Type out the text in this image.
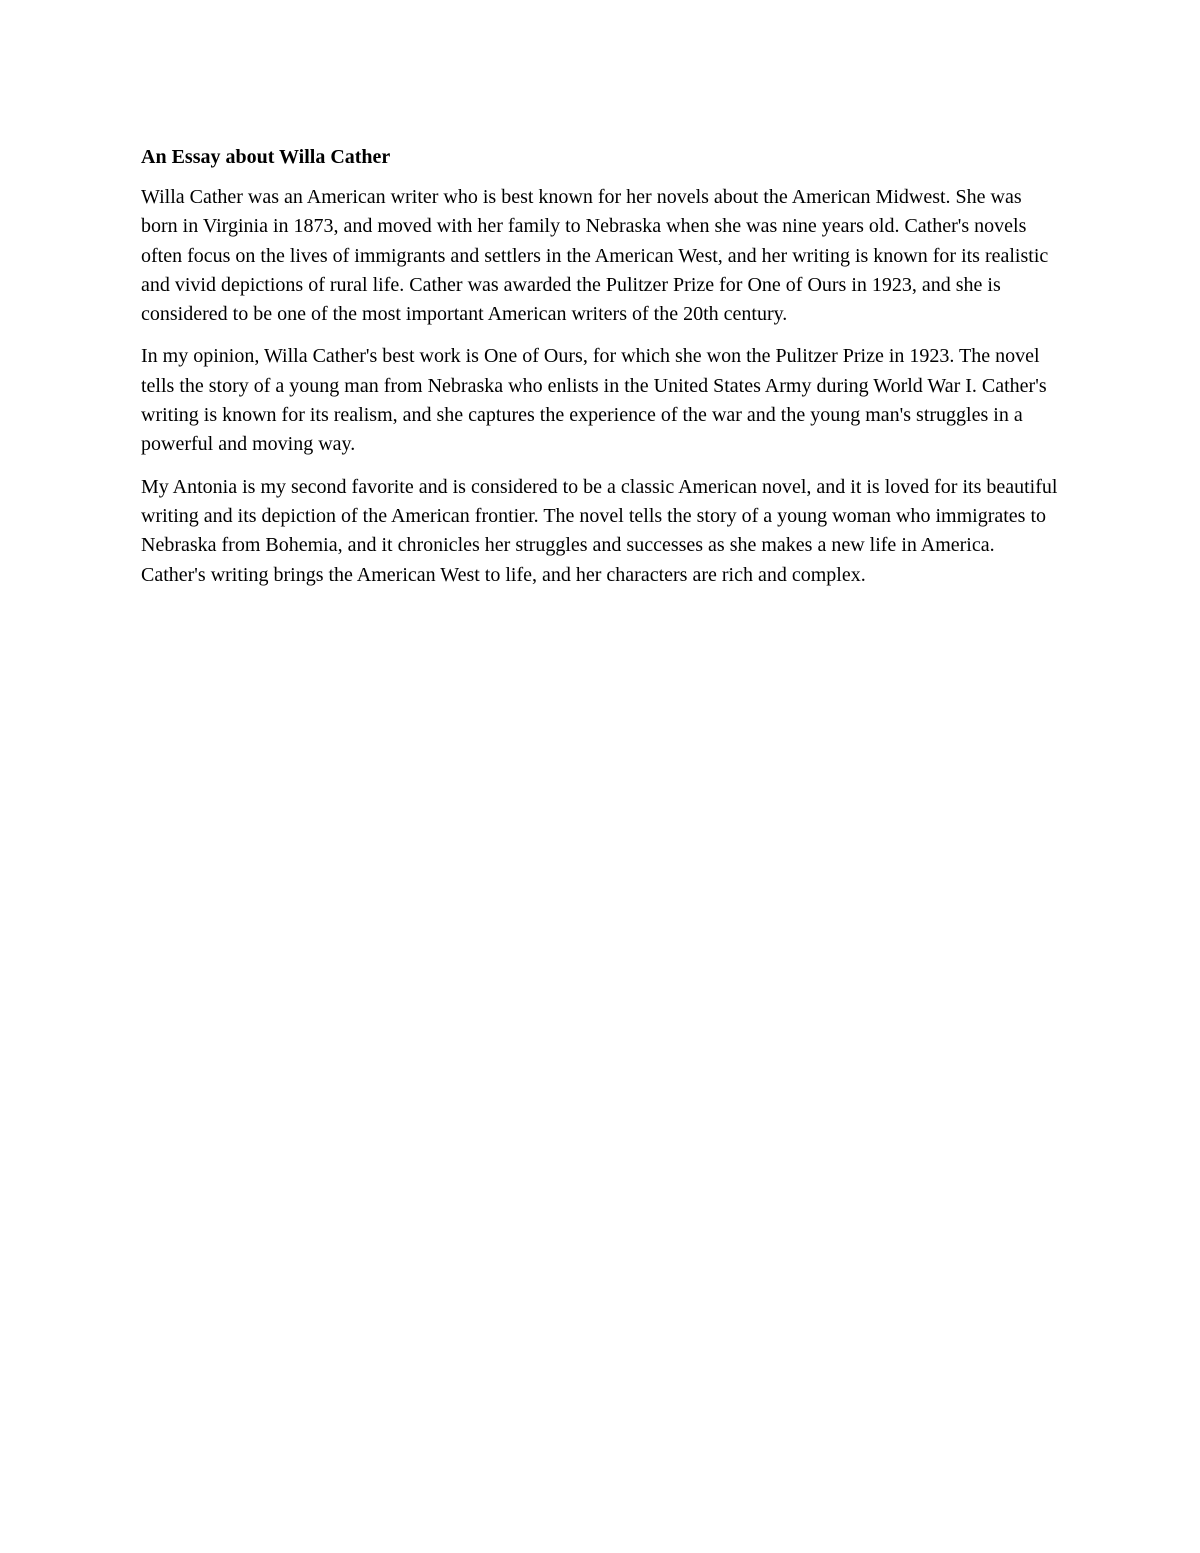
An Essay about Willa Cather

Willa Cather was an American writer who is best known for her novels about the American Midwest. She was born in Virginia in 1873, and moved with her family to Nebraska when she was nine years old. Cather's novels often focus on the lives of immigrants and settlers in the American West, and her writing is known for its realistic and vivid depictions of rural life. Cather was awarded the Pulitzer Prize for One of Ours in 1923, and she is considered to be one of the most important American writers of the 20th century.

In my opinion, Willa Cather's best work is One of Ours, for which she won the Pulitzer Prize in 1923. The novel tells the story of a young man from Nebraska who enlists in the United States Army during World War I. Cather's writing is known for its realism, and she captures the experience of the war and the young man's struggles in a powerful and moving way.

My Antonia is my second favorite and is considered to be a classic American novel, and it is loved for its beautiful writing and its depiction of the American frontier. The novel tells the story of a young woman who immigrates to Nebraska from Bohemia, and it chronicles her struggles and successes as she makes a new life in America. Cather's writing brings the American West to life, and her characters are rich and complex.
